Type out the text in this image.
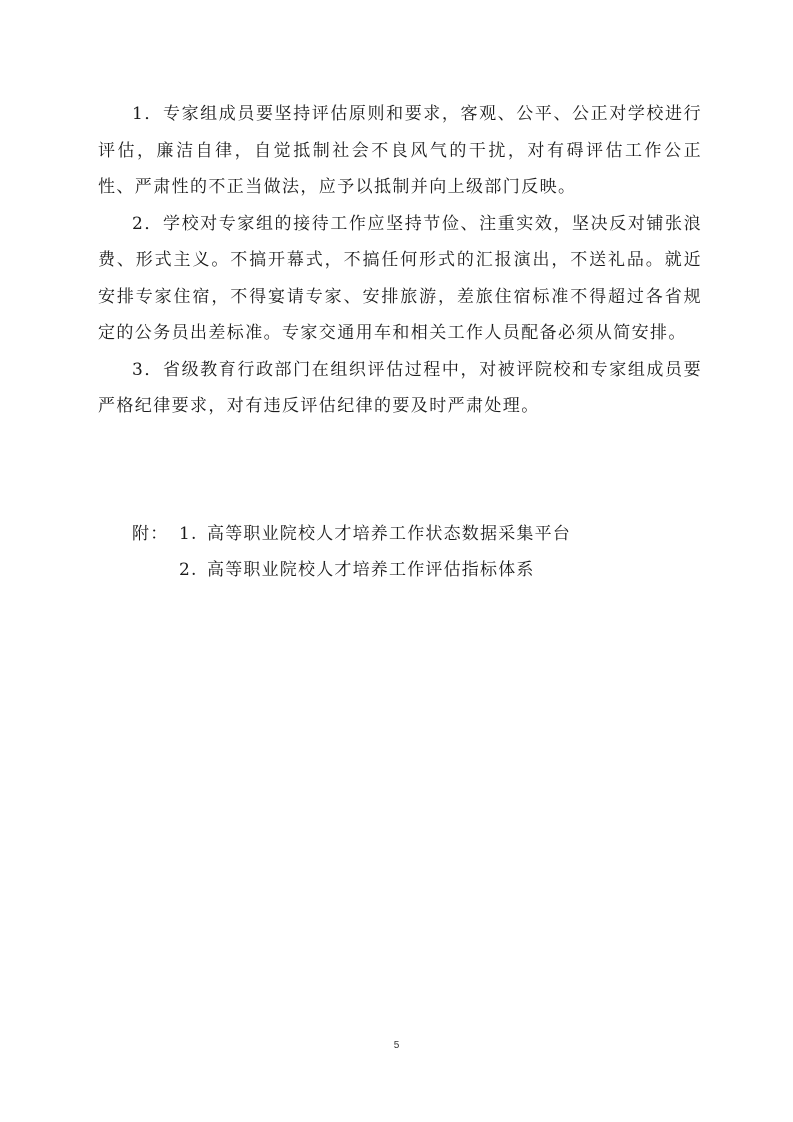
1．专家组成员要坚持评估原则和要求，客观、公平、公正对学校进行评估，廉洁自律，自觉抵制社会不良风气的干扰，对有碍评估工作公正性、严肃性的不正当做法，应予以抵制并向上级部门反映。

2．学校对专家组的接待工作应坚持节俭、注重实效，坚决反对铺张浪费、形式主义。不搞开幕式，不搞任何形式的汇报演出，不送礼品。就近安排专家住宿，不得宴请专家、安排旅游，差旅住宿标准不得超过各省规定的公务员出差标准。专家交通用车和相关工作人员配备必须从简安排。

3．省级教育行政部门在组织评估过程中，对被评院校和专家组成员要严格纪律要求，对有违反评估纪律的要及时严肃处理。

附： 1. 高等职业院校人才培养工作状态数据采集平台
2. 高等职业院校人才培养工作评估指标体系
5
